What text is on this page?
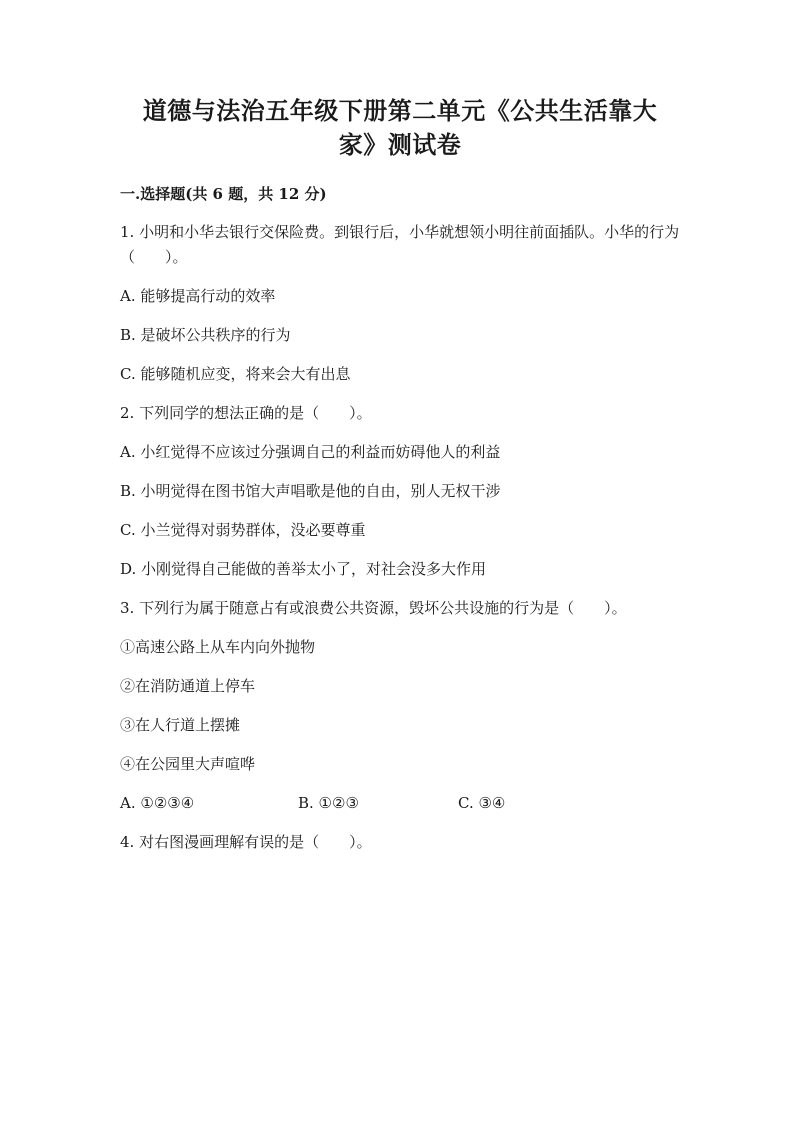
道德与法治五年级下册第二单元《公共生活靠大
家》测试卷
一.选择题(共 6 题，共 12 分)
1. 小明和小华去银行交保险费。到银行后，小华就想领小明往前面插队。小华的行为（　　）。
A. 能够提高行动的效率
B. 是破坏公共秩序的行为
C. 能够随机应变，将来会大有出息
2. 下列同学的想法正确的是（　　）。
A. 小红觉得不应该过分强调自己的利益而妨碍他人的利益
B. 小明觉得在图书馆大声唱歌是他的自由，别人无权干涉
C. 小兰觉得对弱势群体，没必要尊重
D. 小刚觉得自己能做的善举太小了，对社会没多大作用
3. 下列行为属于随意占有或浪费公共资源，毁坏公共设施的行为是（　　）。
①高速公路上从车内向外抛物
②在消防通道上停车
③在人行道上摆摊
④在公园里大声喧哗
A. ①②③④	B. ①②③	C. ③④
4. 对右图漫画理解有误的是（　　）。
